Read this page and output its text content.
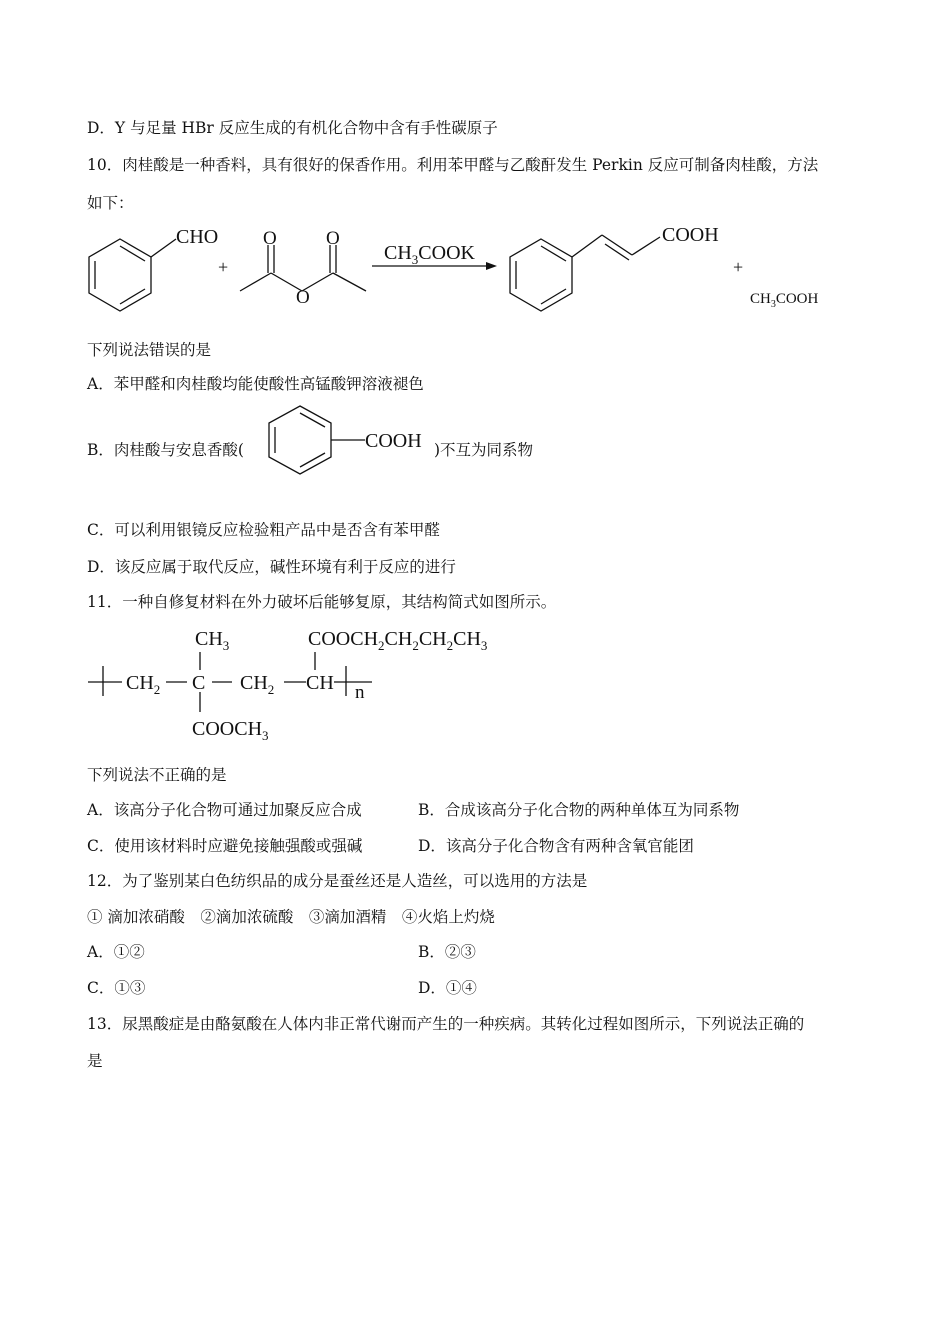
D．Y 与足量 HBr 反应生成的有机化合物中含有手性碳原子
10．肉桂酸是一种香料，具有很好的保香作用。利用苯甲醛与乙酸酐发生 Perkin 反应可制备肉桂酸，方法
如下：
CHO
+
O	O
O
$CH_3COOK$
COOH
+
$CH_3COOH$
下列说法错误的是
A．苯甲醛和肉桂酸均能使酸性高锰酸钾溶液褪色
B．肉桂酸与安息香酸(	COOH )不互为同系物
C．可以利用银镜反应检验粗产品中是否含有苯甲醛
D．该反应属于取代反应，碱性环境有利于反应的进行
11．一种自修复材料在外力破坏后能够复原，其结构简式如图所示。
$CH_3$	$COOCH_2CH_2CH_2CH_3$
$CH_2$ C $CH_2$ CH n
$COOCH_3$
下列说法不正确的是
A．该高分子化合物可通过加聚反应合成	B．合成该高分子化合物的两种单体互为同系物
C．使用该材料时应避免接触强酸或强碱	D．该高分子化合物含有两种含氧官能团
12．为了鉴别某白色纺织品的成分是蚕丝还是人造丝，可以选用的方法是
① 滴加浓硝酸　②滴加浓硫酸　③滴加酒精　④火焰上灼烧
A．①②	B．②③
C．①③	D．①④
13．尿黑酸症是由酪氨酸在人体内非正常代谢而产生的一种疾病。其转化过程如图所示，下列说法正确的
是
